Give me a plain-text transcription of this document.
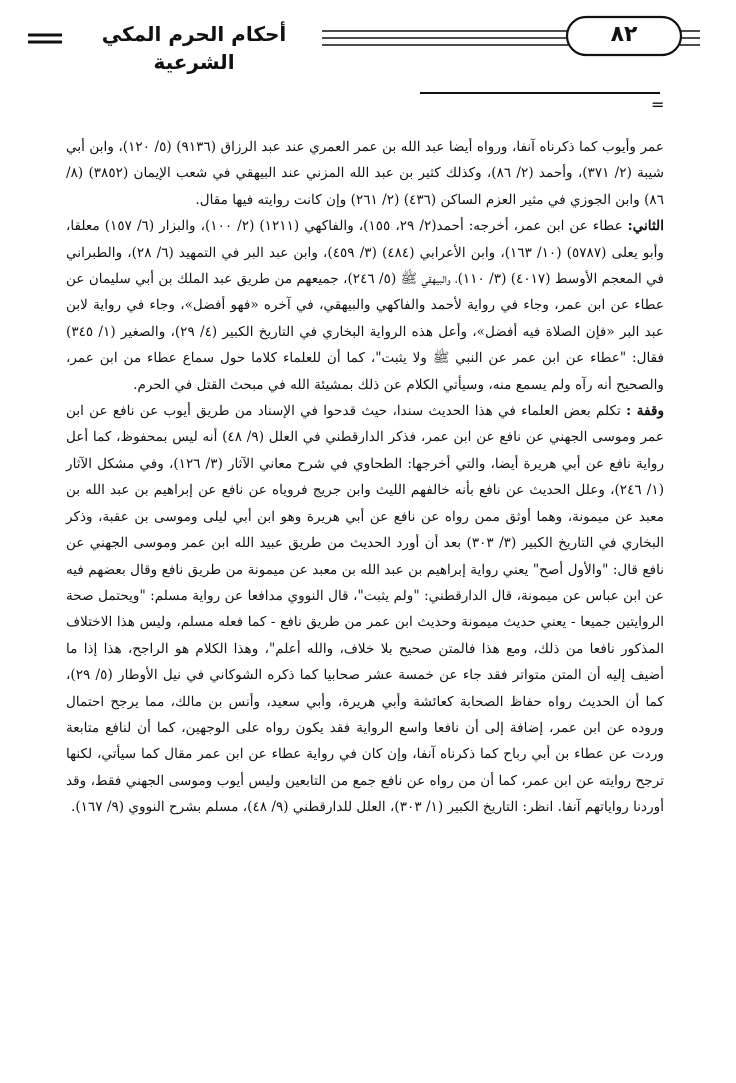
أحكام الحرم المكي الشرعية
٨٢
=

عمر وأيوب كما ذكرناه آنفا، ورواه أيضا عبد الله بن عمر العمري عند عبد الرزاق (٩١٣٦) (٥/ ١٢٠)، وابن أبي شيبة (٢/ ٣٧١)، وأحمد (٢/ ٨٦)، وكذلك كثير بن عبد الله المزني عند البيهقي في شعب الإيمان (٣٨٥٢) (٨/ ٨٦) وابن الجوزي في مثير العزم الساكن (٤٣٦) (٢/ ٢٦١) وإن كانت روايته فيها مقال.

الثاني: عطاء عن ابن عمر، أخرجه: أحمد(٢/ ٢٩، ١٥٥)، والفاكهي (١٢١١) (٢/ ١٠٠)، والبزار (٦/ ١٥٧) معلقا، وأبو يعلى (٥٧٨٧) (١٠/ ١٦٣)، وابن الأعرابي (٤٨٤) (٣/ ٤٥٩)، وابن عبد البر في التمهيد (٦/ ٢٨)، والطبراني في المعجم الأوسط (٤٠١٧) (٣/ ١١٠)، والبيهقي ﷺ (٥/ ٢٤٦)، جميعهم من طريق عبد الملك بن أبي سليمان عن عطاء عن ابن عمر، وجاء في رواية لأحمد والفاكهي والبيهقي، في آخره «فهو أفضل»، وجاء في رواية لابن عبد البر «فإن الصلاة فيه أفضل»، وأعل هذه الرواية البخاري في التاريخ الكبير (٤/ ٢٩)، والصغير (١/ ٣٤٥) فقال: "عطاء عن ابن عمر عن النبي ﷺ ولا يثبت"، كما أن للعلماء كلاما حول سماع عطاء من ابن عمر، والصحيح أنه رآه ولم يسمع منه، وسيأتي الكلام عن ذلك بمشيئة الله في مبحث القتل في الحرم.

وقفة : تكلم بعض العلماء في هذا الحديث سندا، حيث قدحوا في الإسناد من طريق أيوب عن نافع عن ابن عمر وموسى الجهني عن نافع عن ابن عمر، فذكر الدارقطني في العلل (٩/ ٤٨) أنه ليس بمحفوظ، كما أعل رواية نافع عن أبي هريرة أيضا، والتي أخرجها: الطحاوي في شرح معاني الآثار (٣/ ١٢٦)، وفي مشكل الآثار (١/ ٢٤٦)، وعلل الحديث عن نافع بأنه خالفهم الليث وابن جريج فروياه عن نافع عن إبراهيم بن عبد الله بن معبد عن ميمونة، وهما أوثق ممن رواه عن نافع عن أبي هريرة وهو ابن أبي ليلى وموسى بن عقبة، وذكر البخاري في التاريخ الكبير (٣/ ٣٠٣) بعد أن أورد الحديث من طريق عبيد الله ابن عمر وموسى الجهني عن نافع قال: "والأول أصح" يعني رواية إبراهيم بن عبد الله بن معبد عن ميمونة من طريق نافع وقال بعضهم فيه عن ابن عباس عن ميمونة، قال الدارقطني: "ولم يثبت"، قال النووي مدافعا عن رواية مسلم: "ويحتمل صحة الروايتين جميعا - يعني حديث ميمونة وحديث ابن عمر من طريق نافع - كما فعله مسلم، وليس هذا الاختلاف المذكور نافعا من ذلك، ومع هذا فالمتن صحيح بلا خلاف، والله أعلم"، وهذا الكلام هو الراجح، هذا إذا ما أضيف إليه أن المتن متواتر فقد جاء عن خمسة عشر صحابيا كما ذكره الشوكاني في نيل الأوطار (٥/ ٢٩)، كما أن الحديث رواه حفاظ الصحابة كعائشة وأبي هريرة، وأبي سعيد، وأنس بن مالك، مما يرجح احتمال وروده عن ابن عمر، إضافة إلى أن نافعا واسع الرواية فقد يكون رواه على الوجهين، كما أن لنافع متابعة وردت عن عطاء بن أبي رباح كما ذكرناه آنفا، وإن كان في رواية عطاء عن ابن عمر مقال كما سيأتي، لكنها ترجح روايته عن ابن عمر، كما أن من رواه عن نافع جمع من التابعين وليس أيوب وموسى الجهني فقط، وقد أوردنا رواياتهم آنفا. انظر: التاريخ الكبير (١/ ٣٠٣)، العلل للدارقطني (٩/ ٤٨)، مسلم بشرح النووي (٩/ ١٦٧).
